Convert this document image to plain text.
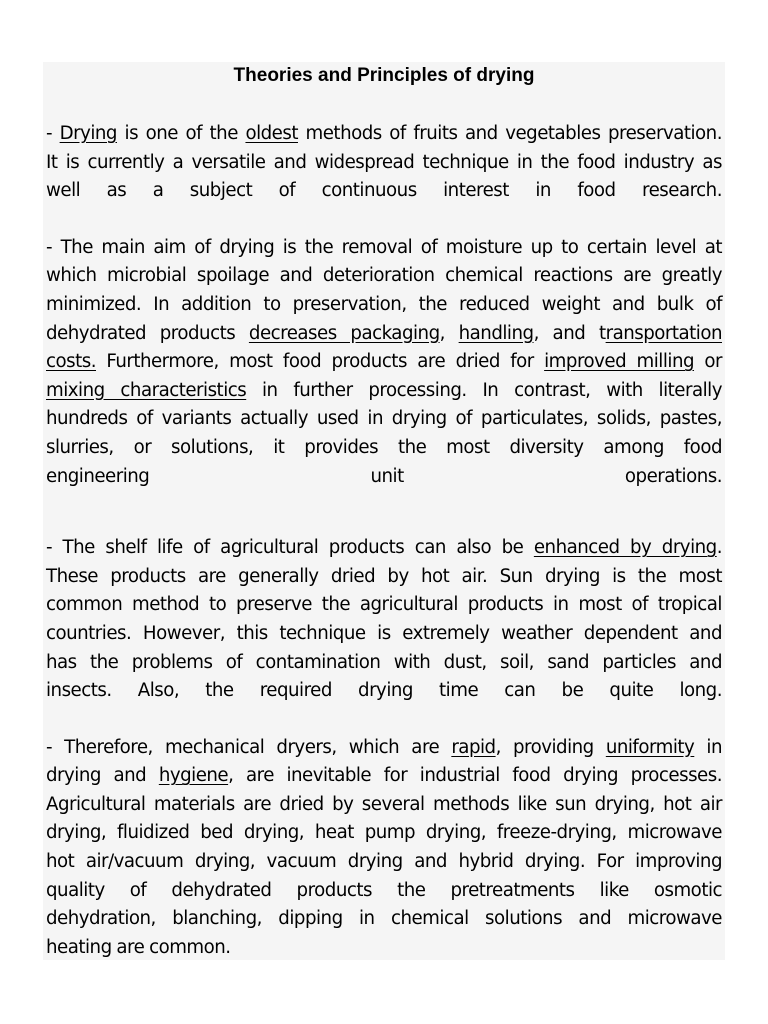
Theories and Principles of drying
- Drying is one of the oldest methods of fruits and vegetables preservation.
It is currently a versatile and widespread technique in the food industry as
well as a subject of continuous interest in food research.
- The main aim of drying is the removal of moisture up to certain level at
which microbial spoilage and deterioration chemical reactions are greatly
minimized. In addition to preservation, the reduced weight and bulk of
dehydrated products decreases packaging, handling, and transportation
costs. Furthermore, most food products are dried for improved milling or
mixing characteristics in further processing. In contrast, with literally
hundreds of variants actually used in drying of particulates, solids, pastes,
slurries, or solutions, it provides the most diversity among food
engineering unit operations.
- The shelf life of agricultural products can also be enhanced by drying.
These products are generally dried by hot air. Sun drying is the most
common method to preserve the agricultural products in most of tropical
countries. However, this technique is extremely weather dependent and
has the problems of contamination with dust, soil, sand particles and
insects. Also, the required drying time can be quite long.
- Therefore, mechanical dryers, which are rapid, providing uniformity in
drying and hygiene, are inevitable for industrial food drying processes.
Agricultural materials are dried by several methods like sun drying, hot air
drying, fluidized bed drying, heat pump drying, freeze-drying, microwave
hot air/vacuum drying, vacuum drying and hybrid drying. For improving
quality of dehydrated products the pretreatments like osmotic
dehydration, blanching, dipping in chemical solutions and microwave
heating are common.
